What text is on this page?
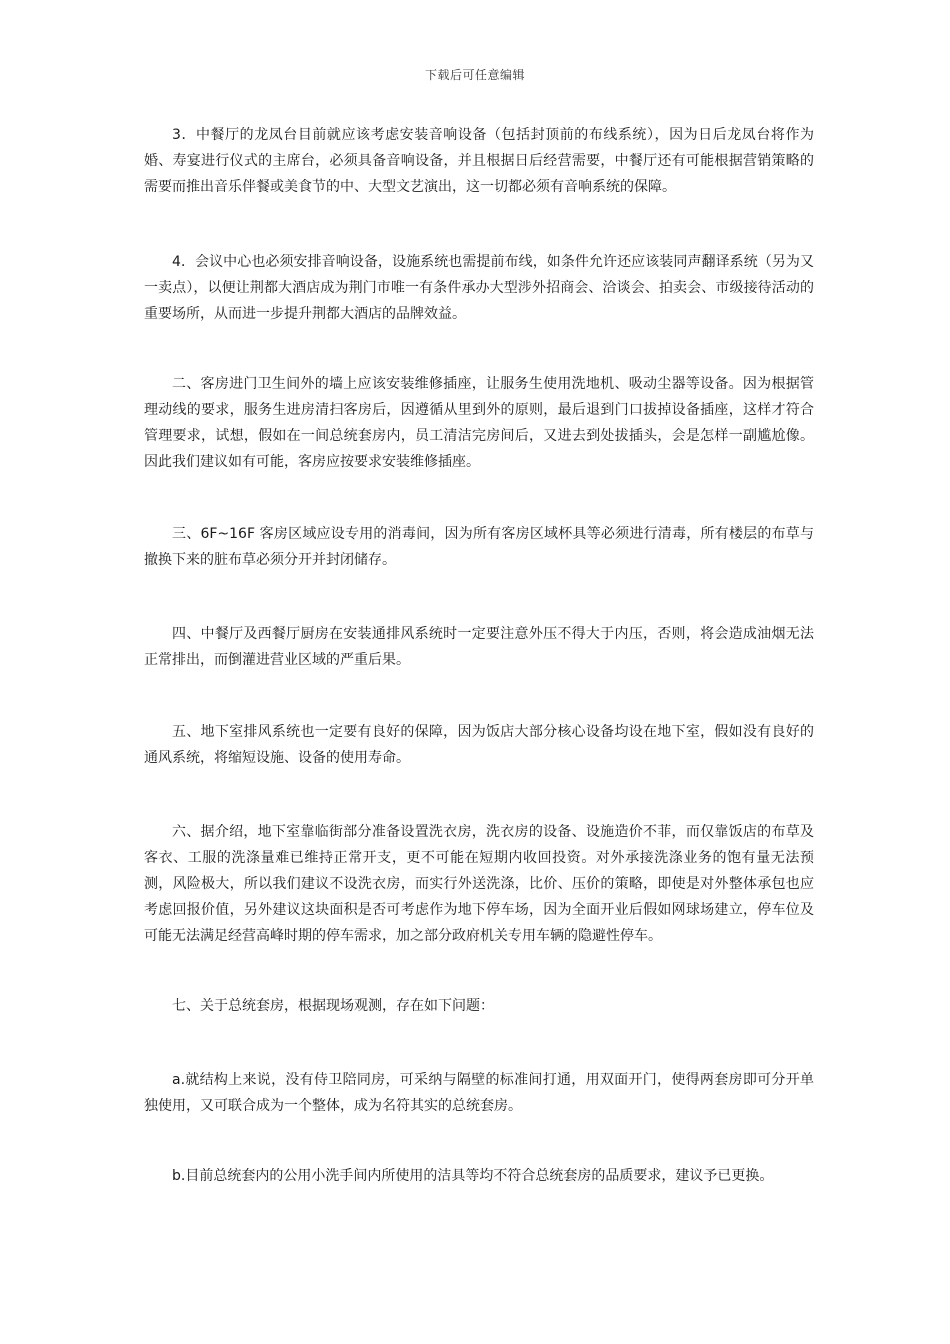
下载后可任意编辑

3．中餐厅的龙凤台目前就应该考虑安装音响设备（包括封顶前的布线系统），因为日后龙凤台将作为婚、寿宴进行仪式的主席台，必须具备音响设备，并且根据日后经营需要，中餐厅还有可能根据营销策略的需要而推出音乐伴餐或美食节的中、大型文艺演出，这一切都必须有音响系统的保障。

4．会议中心也必须安排音响设备，设施系统也需提前布线，如条件允许还应该装同声翻译系统（另为又一卖点），以便让荆都大酒店成为荆门市唯一有条件承办大型涉外招商会、洽谈会、拍卖会、市级接待活动的重要场所，从而进一步提升荆都大酒店的品牌效益。

二、客房进门卫生间外的墙上应该安装维修插座，让服务生使用洗地机、吸动尘器等设备。因为根据管理动线的要求，服务生进房清扫客房后，因遵循从里到外的原则，最后退到门口拔掉设备插座，这样才符合管理要求，试想，假如在一间总统套房内，员工清洁完房间后，又进去到处拔插头，会是怎样一副尴尬像。因此我们建议如有可能，客房应按要求安装维修插座。

三、6F~16F 客房区域应设专用的消毒间，因为所有客房区域杯具等必须进行清毒，所有楼层的布草与撤换下来的脏布草必须分开并封闭储存。

四、中餐厅及西餐厅厨房在安装通排风系统时一定要注意外压不得大于内压，否则，将会造成油烟无法正常排出，而倒灌进营业区域的严重后果。

五、地下室排风系统也一定要有良好的保障，因为饭店大部分核心设备均设在地下室，假如没有良好的通风系统，将缩短设施、设备的使用寿命。

六、据介绍，地下室靠临街部分准备设置洗衣房，洗衣房的设备、设施造价不菲，而仅靠饭店的布草及客衣、工服的洗涤量难已维持正常开支，更不可能在短期内收回投资。对外承接洗涤业务的饱有量无法预测，风险极大，所以我们建议不设洗衣房，而实行外送洗涤，比价、压价的策略，即使是对外整体承包也应考虑回报价值，另外建议这块面积是否可考虑作为地下停车场，因为全面开业后假如网球场建立，停车位及可能无法满足经营高峰时期的停车需求，加之部分政府机关专用车辆的隐避性停车。

七、关于总统套房，根据现场观测，存在如下问题：

a.就结构上来说，没有侍卫陪同房，可采纳与隔壁的标准间打通，用双面开门，使得两套房即可分开单独使用，又可联合成为一个整体，成为名符其实的总统套房。

b.目前总统套内的公用小洗手间内所使用的洁具等均不符合总统套房的品质要求，建议予已更换。
